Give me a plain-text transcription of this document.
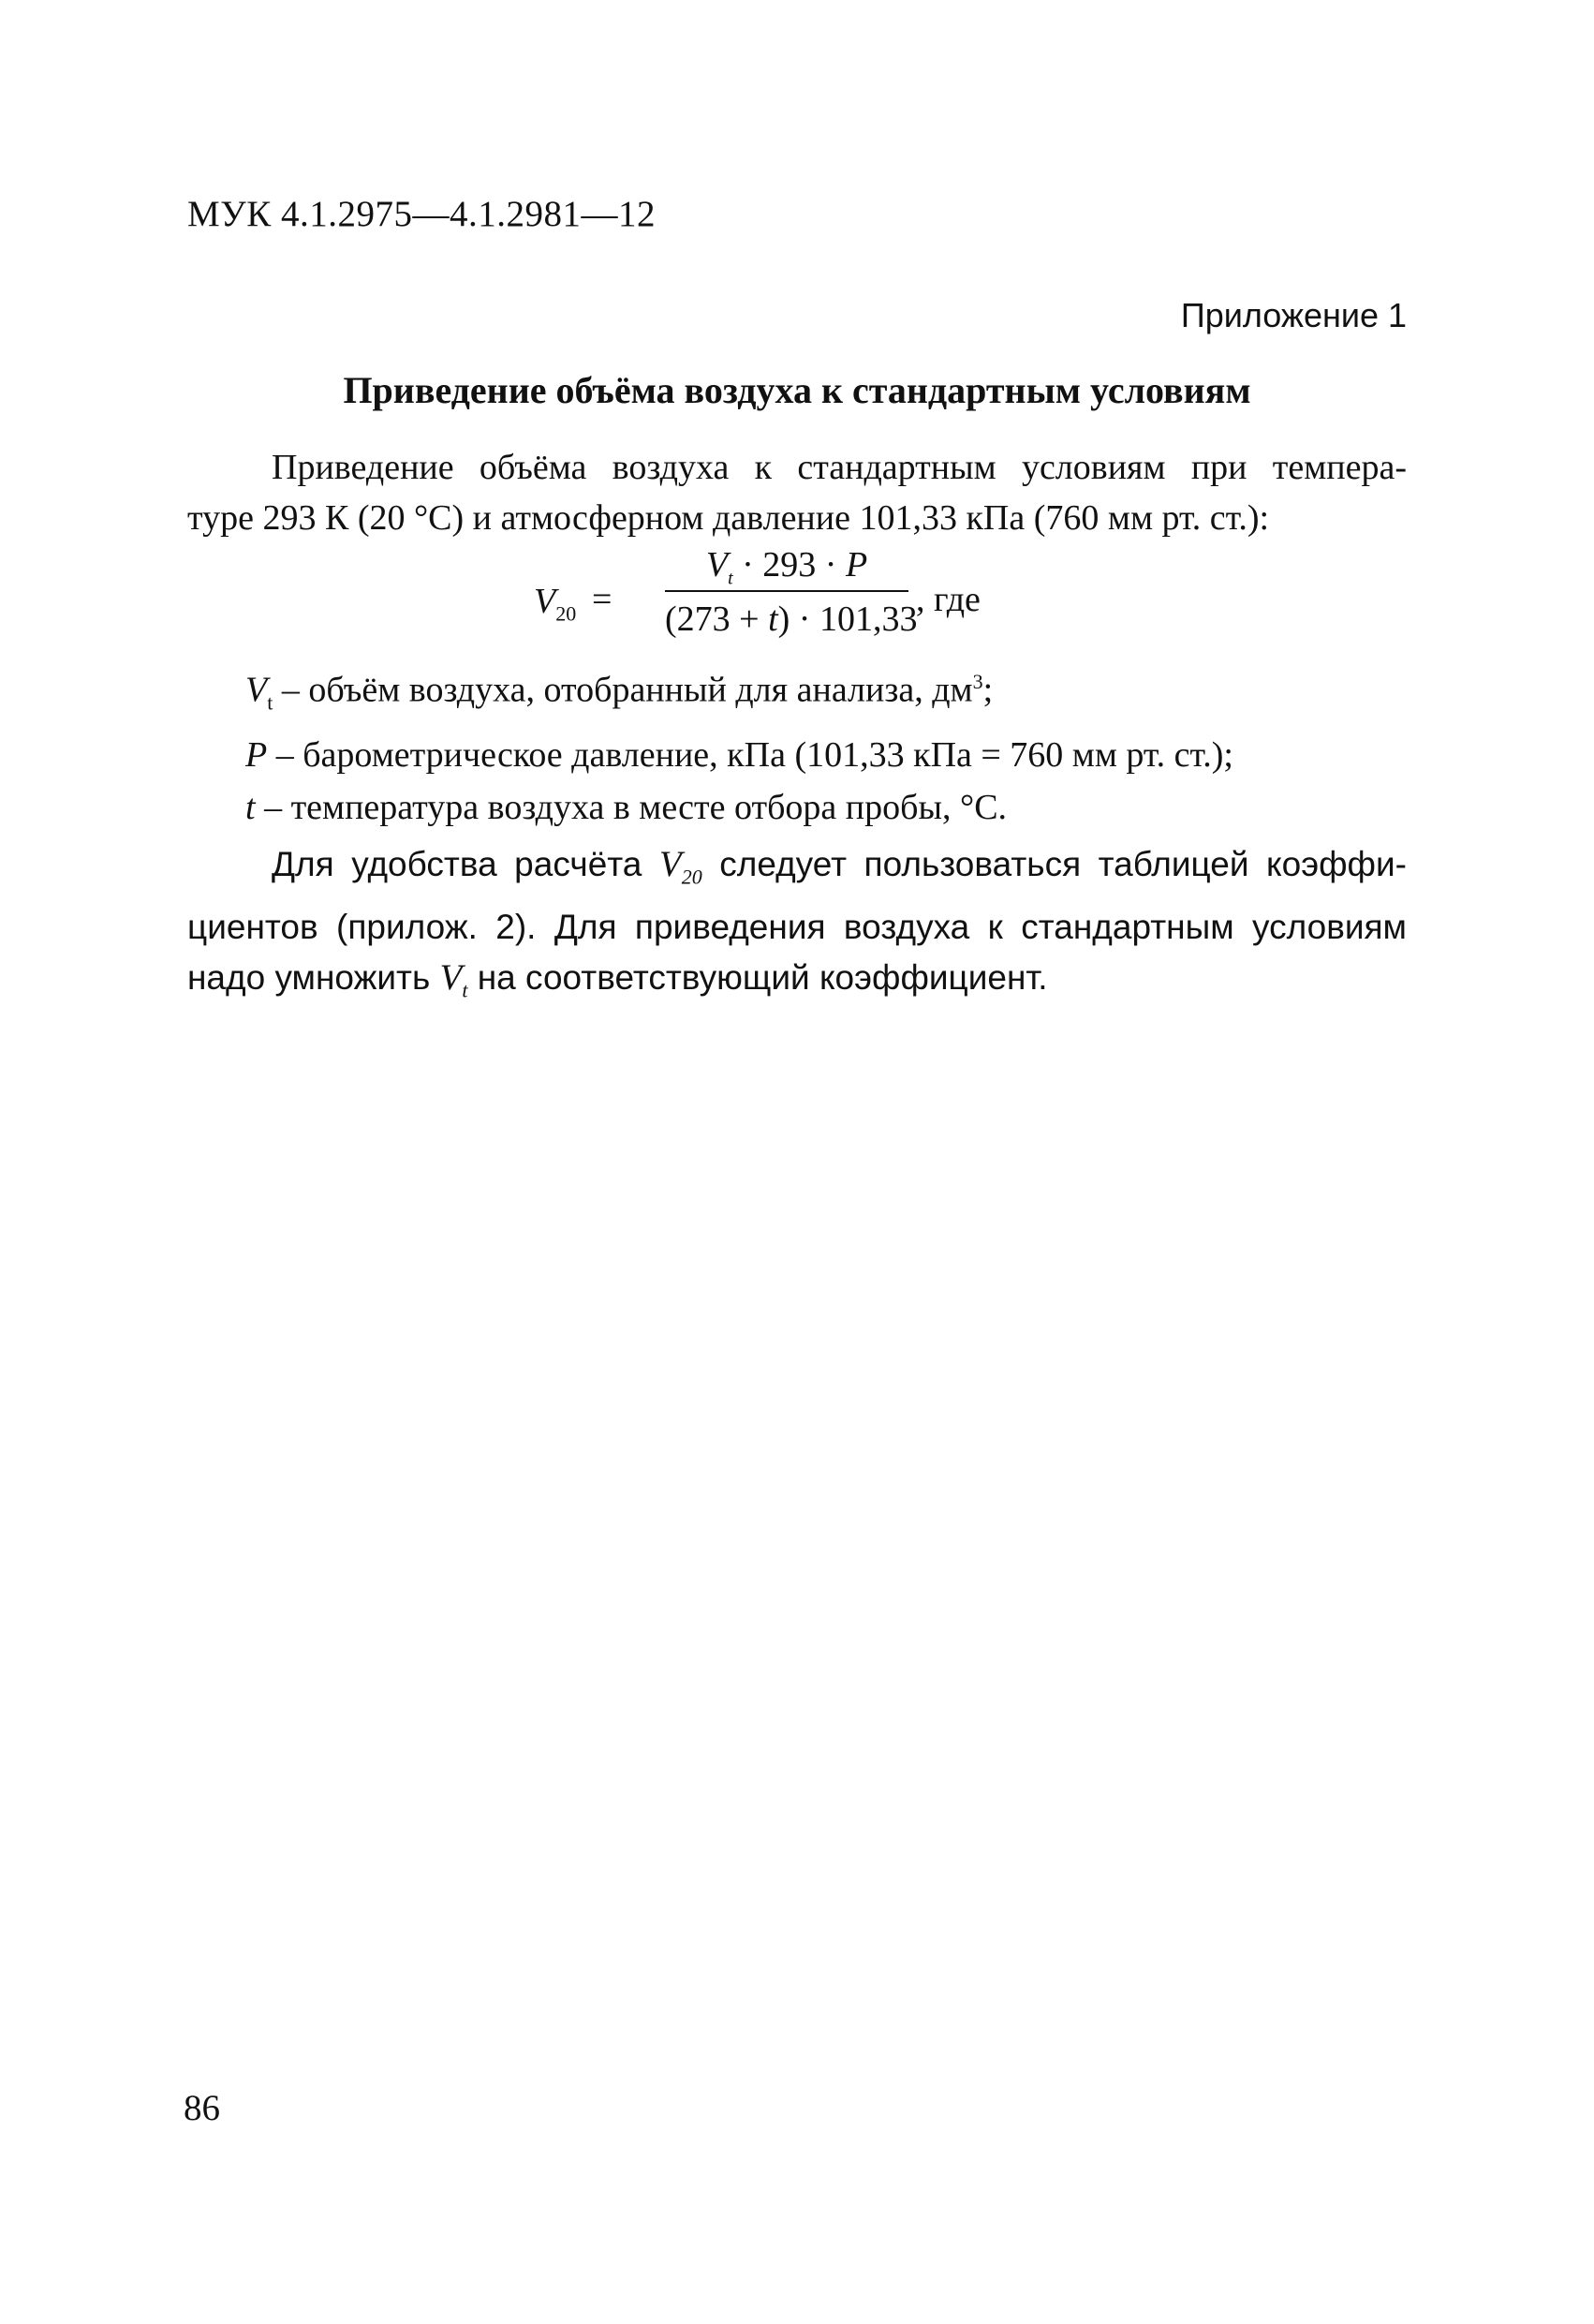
МУК 4.1.2975—4.1.2981—12
Приложение 1
Приведение объёма воздуха к стандартным условиям
Приведение объёма воздуха к стандартным условиям при темпера-
туре 293 К (20 °С) и атмосферном давление 101,33 кПа (760 мм рт. ст.):
$V_{20}$ =
$V_t \cdot 293 \cdot P$
(273 + t) · 101,33
, где
$V_t$ – объём воздуха, отобранный для анализа, $дм^3$;
P – барометрическое давление, кПа (101,33 кПа = 760 мм рт. ст.);
t – температура воздуха в месте отбора пробы, °С.
Для удобства расчёта $V_{20}$ следует пользоваться таблицей коэффи-
циентов (прилож. 2). Для приведения воздуха к стандартным условиям
надо умножить $V_t$ на соответствующий коэффициент.
86
